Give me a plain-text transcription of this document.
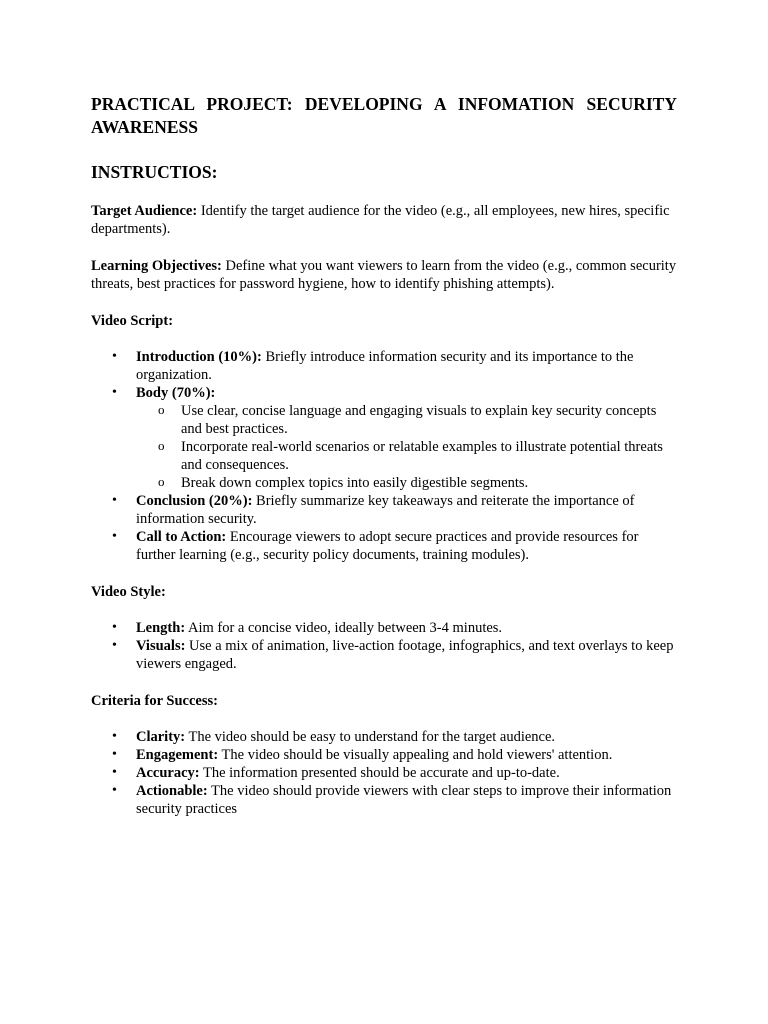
PRACTICAL PROJECT: DEVELOPING A INFOMATION SECURITY

AWARENESS

INSTRUCTIOS:

Target Audience: Identify the target audience for the video (e.g., all employees, new hires, specific departments).

Learning Objectives: Define what you want viewers to learn from the video (e.g., common security threats, best practices for password hygiene, how to identify phishing attempts).

Video Script:

• Introduction (10%): Briefly introduce information security and its importance to the organization.
• Body (70%):
o Use clear, concise language and engaging visuals to explain key security concepts and best practices.
o Incorporate real-world scenarios or relatable examples to illustrate potential threats and consequences.
o Break down complex topics into easily digestible segments.
• Conclusion (20%): Briefly summarize key takeaways and reiterate the importance of information security.
• Call to Action: Encourage viewers to adopt secure practices and provide resources for further learning (e.g., security policy documents, training modules).

Video Style:

• Length: Aim for a concise video, ideally between 3-4 minutes.
• Visuals: Use a mix of animation, live-action footage, infographics, and text overlays to keep viewers engaged.

Criteria for Success:

• Clarity: The video should be easy to understand for the target audience.
• Engagement: The video should be visually appealing and hold viewers' attention.
• Accuracy: The information presented should be accurate and up-to-date.
• Actionable: The video should provide viewers with clear steps to improve their information security practices
